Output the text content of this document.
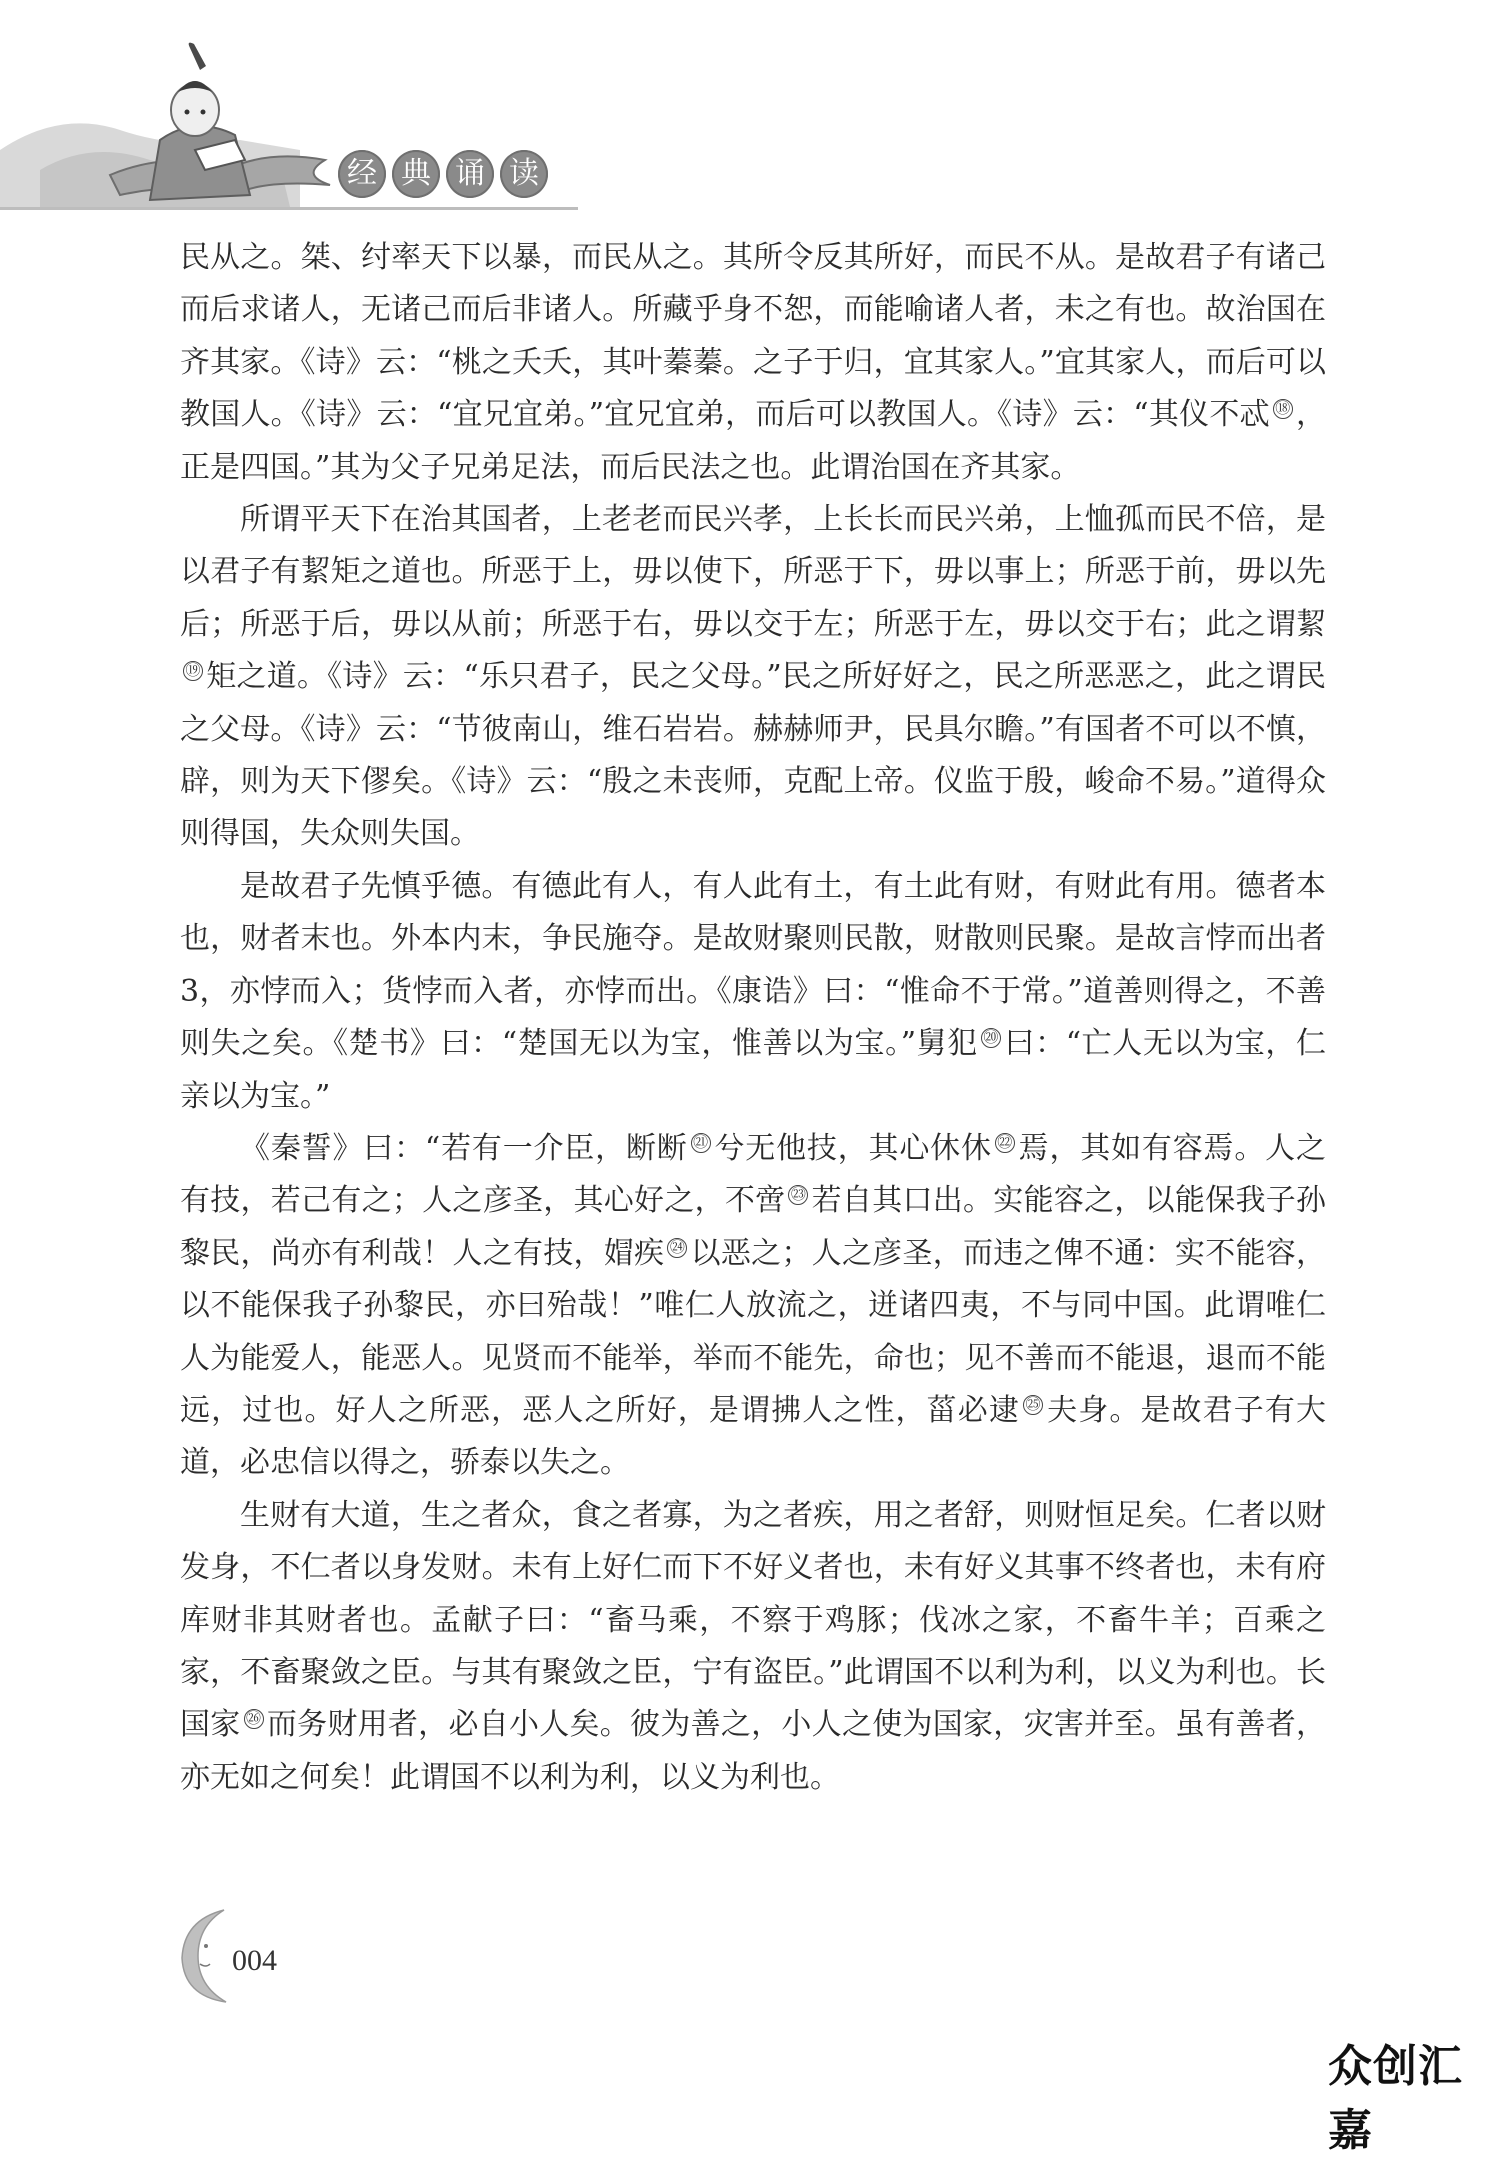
经 典 诵 读

民从之。桀、纣率天下以暴，而民从之。其所令反其所好，而民不从。是故君子有诸己而后求诸人，无诸己而后非诸人。所藏乎身不恕，而能喻诸人者，未之有也。故治国在齐其家。《诗》云：“桃之夭夭，其叶蓁蓁。之子于归，宜其家人。”宜其家人，而后可以教国人。《诗》云：“宜兄宜弟。”宜兄宜弟，而后可以教国人。《诗》云：“其仪不忒 ⑱ ，正是四国。”其为父子兄弟足法，而后民法之也。此谓治国在齐其家。

所谓平天下在治其国者，上老老而民兴孝，上长长而民兴弟，上恤孤而民不倍，是以君子有絜矩之道也。所恶于上，毋以使下，所恶于下，毋以事上；所恶于前，毋以先后；所恶于后，毋以从前；所恶于右，毋以交于左；所恶于左，毋以交于右；此之谓絜⑲ 矩之道。《诗》云：“乐只君子，民之父母。”民之所好好之，民之所恶恶之，此之谓民之父母。《诗》云：“节彼南山，维石岩岩。赫赫师尹，民具尔瞻。”有国者不可以不慎，辟，则为天下僇矣。《诗》云：“殷之未丧师，克配上帝。仪监于殷，峻命不易。”道得众则得国，失众则失国。

是故君子先慎乎德。有德此有人，有人此有土，有土此有财，有财此有用。德者本也，财者末也。外本内末，争民施夺。是故财聚则民散，财散则民聚。是故言悖而出者3，亦悖而入；货悖而入者，亦悖而出。《康诰》曰：“惟命不于常。”道善则得之，不善则失之矣。《楚书》曰：“楚国无以为宝，惟善以为宝。”舅犯 ⑳ 曰：“亡人无以为宝，仁亲以为宝。”

《秦誓》曰：“若有一介臣，断断 ㉑ 兮无他技，其心休休 ㉒ 焉，其如有容焉。人之有技，若己有之；人之彦圣，其心好之，不啻 ㉓ 若自其口出。实能容之，以能保我子孙黎民，尚亦有利哉！人之有技，媢疾 ㉔ 以恶之；人之彦圣，而违之俾不通：实不能容，以不能保我子孙黎民，亦曰殆哉！”唯仁人放流之，迸诸四夷，不与同中国。此谓唯仁人为能爱人，能恶人。见贤而不能举，举而不能先，命也；见不善而不能退，退而不能远，过也。好人之所恶，恶人之所好，是谓拂人之性，菑必逮 ㉕ 夫身。是故君子有大道，必忠信以得之，骄泰以失之。

生财有大道，生之者众，食之者寡，为之者疾，用之者舒，则财恒足矣。仁者以财发身，不仁者以身发财。未有上好仁而下不好义者也，未有好义其事不终者也，未有府库财非其财者也。孟献子曰：“畜马乘，不察于鸡豚；伐冰之家，不畜牛羊；百乘之家，不畜聚敛之臣。与其有聚敛之臣，宁有盗臣。”此谓国不以利为利，以义为利也。长国家 ㉖ 而务财用者，必自小人矣。彼为善之，小人之使为国家，灾害并至。虽有善者，亦无如之何矣！此谓国不以利为利，以义为利也。

004
众创汇嘉
